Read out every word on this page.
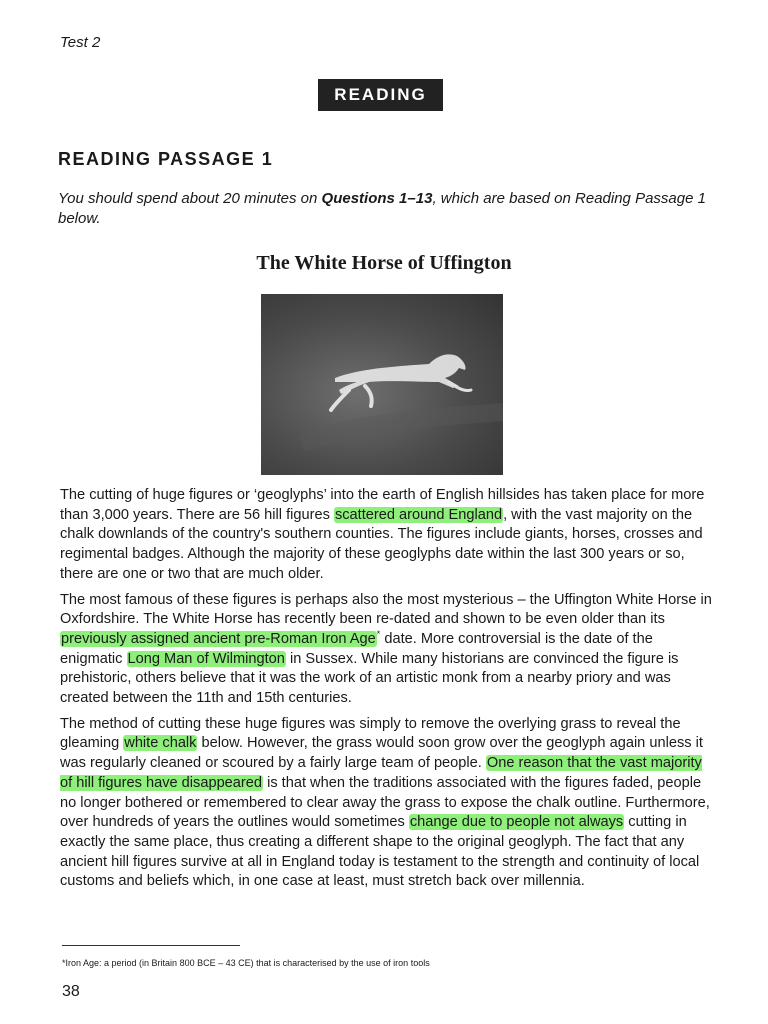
Test 2
READING
READING PASSAGE 1
You should spend about 20 minutes on Questions 1–13, which are based on Reading Passage 1 below.
The White Horse of Uffington

The cutting of huge figures or ‘geoglyphs’ into the earth of English hillsides has taken place for more than 3,000 years. There are 56 hill figures scattered around England, with the vast majority on the chalk downlands of the country's southern counties. The figures include giants, horses, crosses and regimental badges. Although the majority of these geoglyphs date within the last 300 years or so, there are one or two that are much older.

The most famous of these figures is perhaps also the most mysterious – the Uffington White Horse in Oxfordshire. The White Horse has recently been re-dated and shown to be even older than its previously assigned ancient pre-Roman Iron Age* date. More controversial is the date of the enigmatic Long Man of Wilmington in Sussex. While many historians are convinced the figure is prehistoric, others believe that it was the work of an artistic monk from a nearby priory and was created between the 11th and 15th centuries.

The method of cutting these huge figures was simply to remove the overlying grass to reveal the gleaming white chalk below. However, the grass would soon grow over the geoglyph again unless it was regularly cleaned or scoured by a fairly large team of people. One reason that the vast majority of hill figures have disappeared is that when the traditions associated with the figures faded, people no longer bothered or remembered to clear away the grass to expose the chalk outline. Furthermore, over hundreds of years the outlines would sometimes change due to people not always cutting in exactly the same place, thus creating a different shape to the original geoglyph. The fact that any ancient hill figures survive at all in England today is testament to the strength and continuity of local customs and beliefs which, in one case at least, must stretch back over millennia.

*Iron Age: a period (in Britain 800 BCE – 43 CE) that is characterised by the use of iron tools
38
